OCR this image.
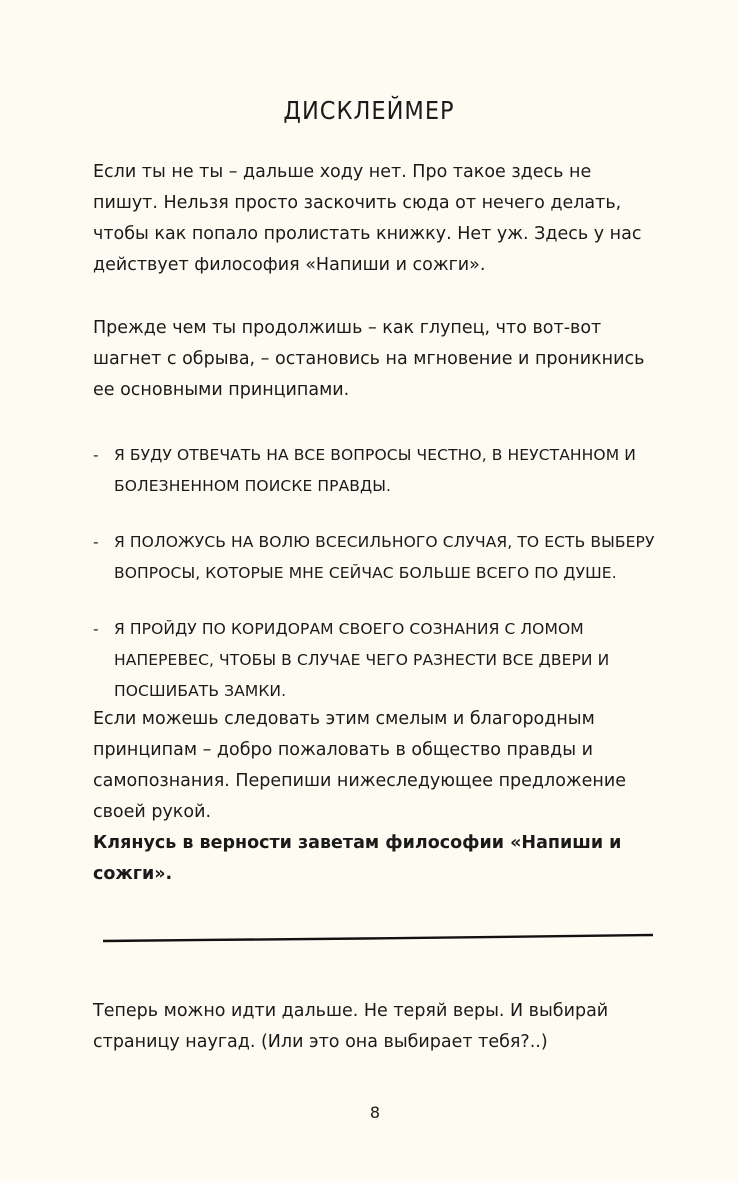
ДИСКЛЕЙМЕР

Если ты не ты – дальше ходу нет. Про такое здесь не пишут. Нельзя просто заскочить сюда от нечего делать, чтобы как попало пролистать книжку. Нет уж. Здесь у нас действует философия «Напиши и сожги».

Прежде чем ты продолжишь – как глупец, что вот-вот шагнет с обрыва, – остановись на мгновение и проникнись ее основными принципами.

- Я БУДУ ОТВЕЧАТЬ НА ВСЕ ВОПРОСЫ ЧЕСТНО, В НЕУСТАННОМ И БОЛЕЗНЕННОМ ПОИСКЕ ПРАВДЫ.
- Я ПОЛОЖУСЬ НА ВОЛЮ ВСЕСИЛЬНОГО СЛУЧАЯ, ТО ЕСТЬ ВЫБЕРУ ВОПРОСЫ, КОТОРЫЕ МНЕ СЕЙЧАС БОЛЬШЕ ВСЕГО ПО ДУШЕ.
- Я ПРОЙДУ ПО КОРИДОРАМ СВОЕГО СОЗНАНИЯ С ЛОМОМ НАПЕРЕВЕС, ЧТОБЫ В СЛУЧАЕ ЧЕГО РАЗНЕСТИ ВСЕ ДВЕРИ И ПОСШИБАТЬ ЗАМКИ.

Если можешь следовать этим смелым и благородным принципам – добро пожаловать в общество правды и самопознания. Перепиши нижеследующее предложение своей рукой.

Клянусь в верности заветам философии «Напиши и сожги».

Теперь можно идти дальше. Не теряй веры. И выбирай страницу наугад. (Или это она выбирает тебя?..)

8
